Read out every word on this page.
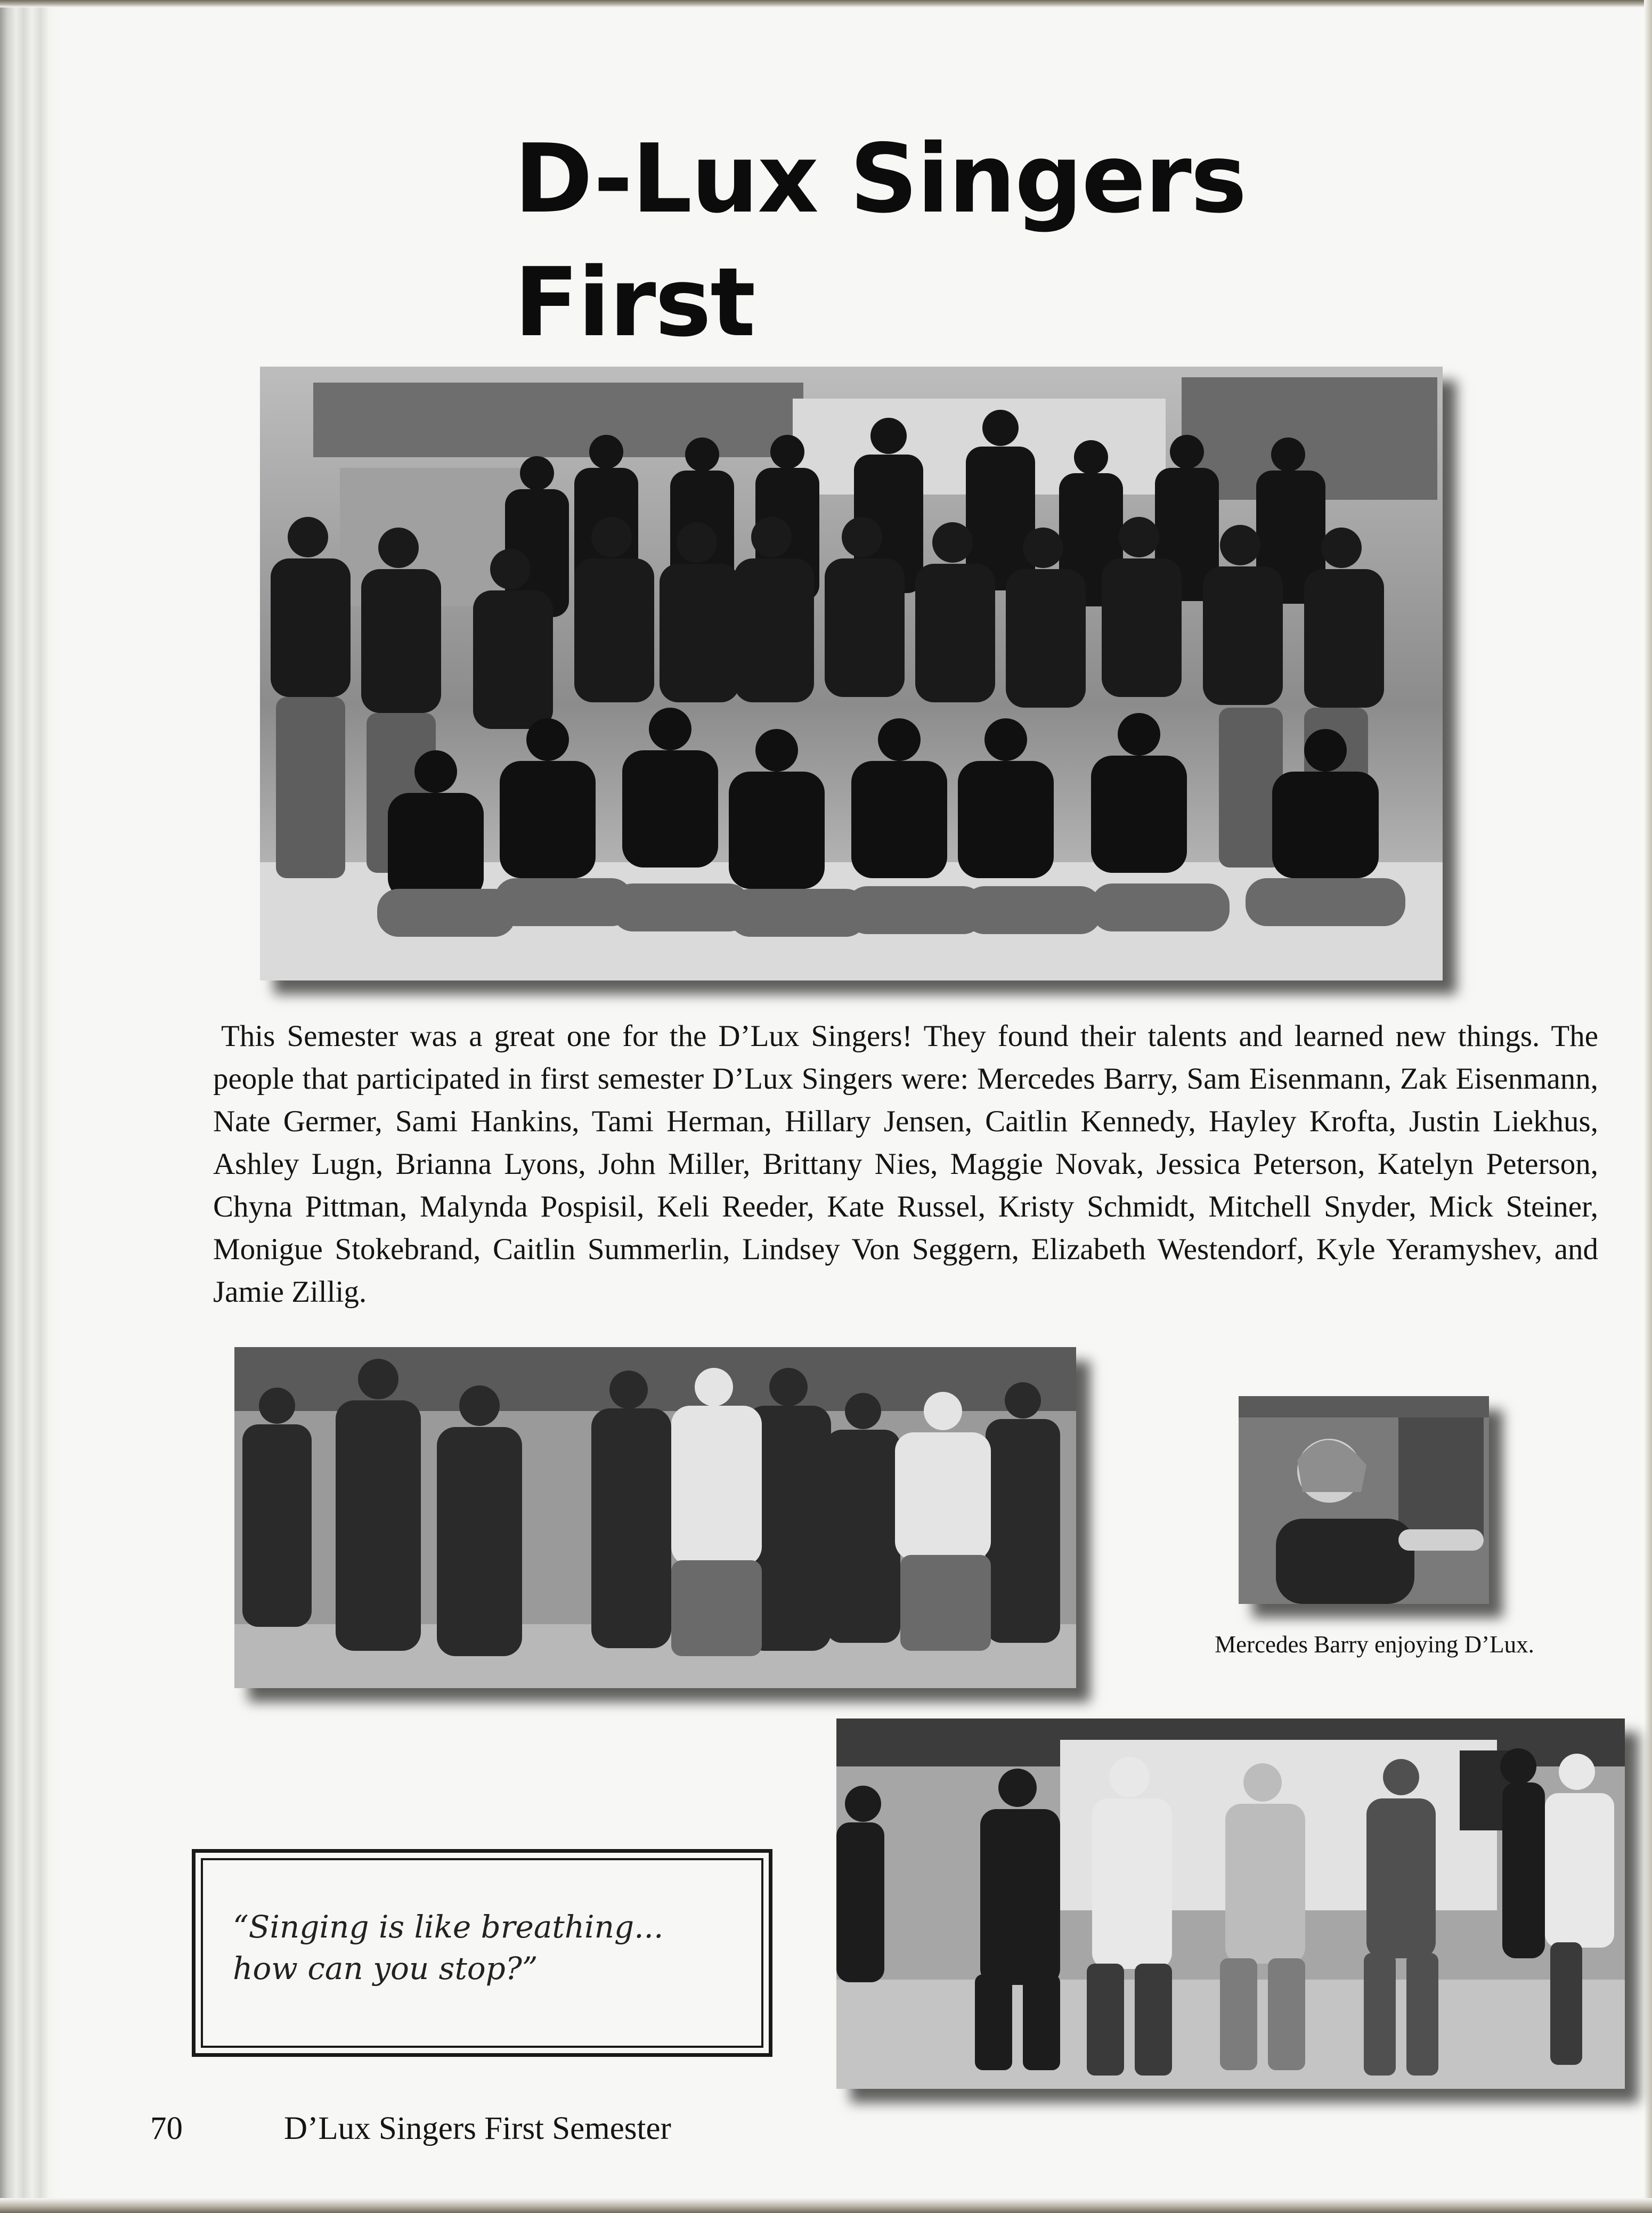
D-Lux Singers
First

This Semester was a great one for the D’Lux Singers! They found their talents and learned new things. The people that participated in first semester D’Lux Singers were: Mercedes Barry, Sam Eisenmann, Zak Eisenmann, Nate Germer, Sami Hankins, Tami Herman, Hillary Jensen, Caitlin Kennedy, Hayley Krofta, Justin Liekhus, Ashley Lugn, Brianna Lyons, John Miller, Brittany Nies, Maggie Novak, Jessica Peterson, Katelyn Peterson, Chyna Pittman, Malynda Pospisil, Keli Reeder, Kate Russel, Kristy Schmidt, Mitchell Snyder, Mick Steiner, Monigue Stokebrand, Caitlin Summerlin, Lindsey Von Seggern, Elizabeth Westendorf, Kyle Yeramyshev, and Jamie Zillig.

Mercedes Barry enjoying D’Lux.
“Singing is like breathing...
how can you stop?”
70	D’Lux Singers First Semester
